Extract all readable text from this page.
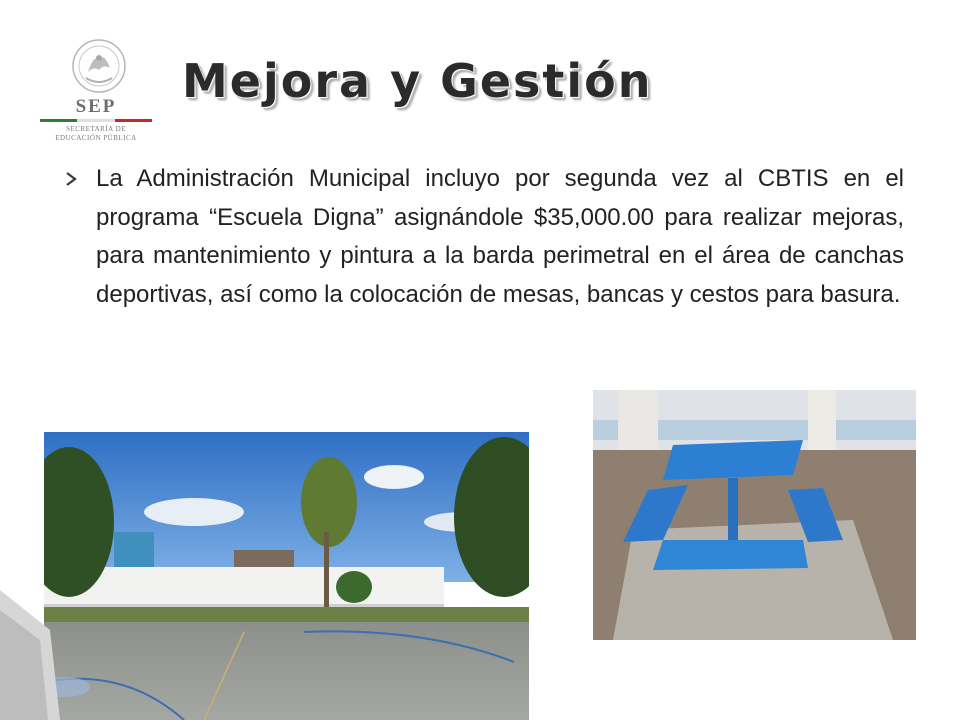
SEP
SECRETARÍA DE
EDUCACIÓN PÚBLICA
Mejora y Gestión

La Administración Municipal incluyo por segunda vez al CBTIS en el programa “Escuela Digna” asignándole $35,000.00 para realizar mejoras, para mantenimiento y pintura a la barda perimetral en el área de canchas deportivas, así como la colocación de mesas, bancas y cestos para basura.
